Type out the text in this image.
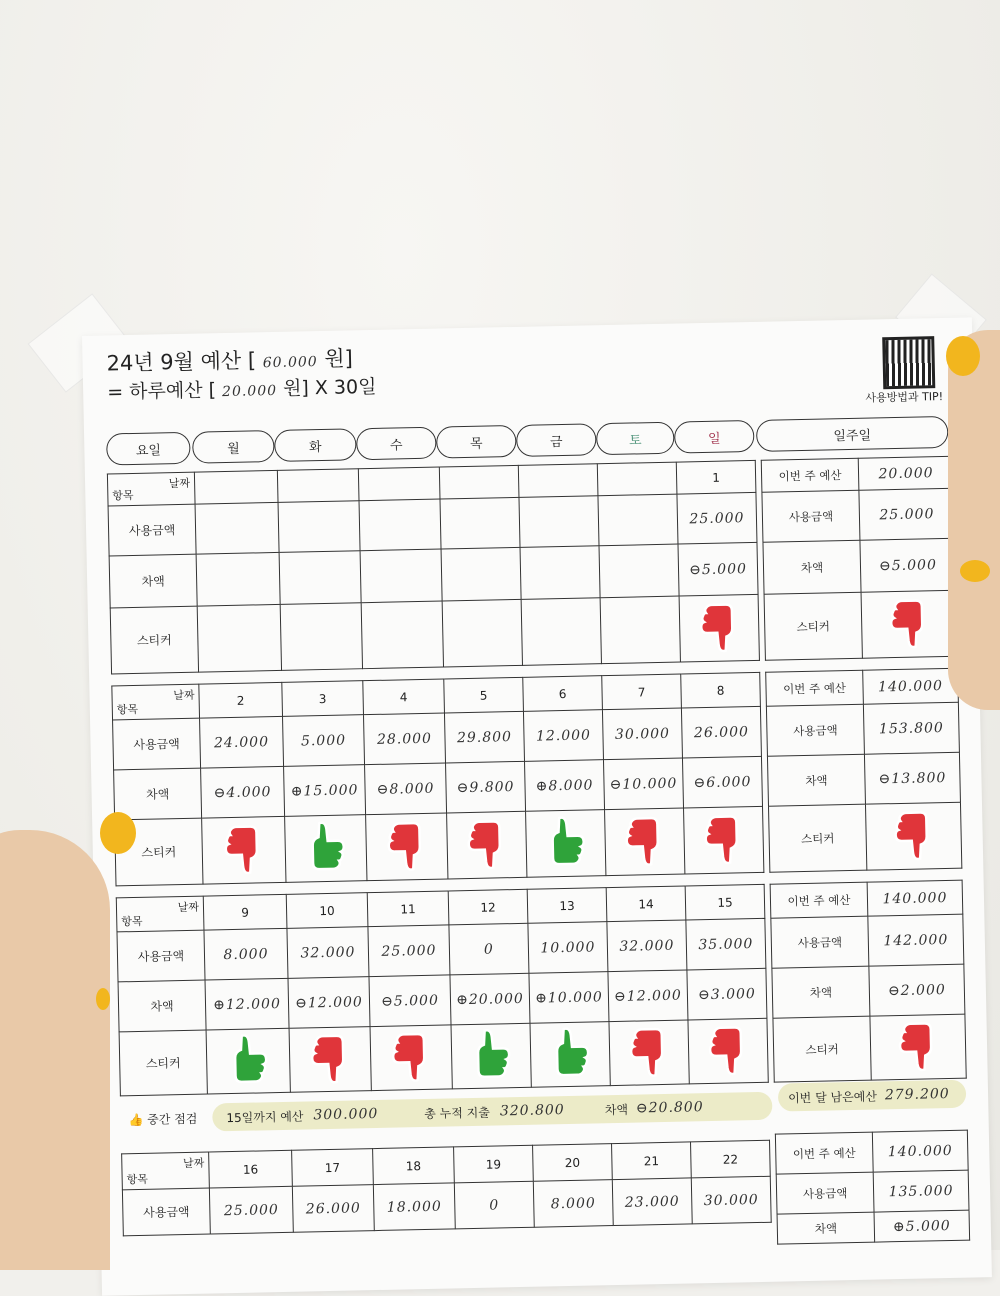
24년 9월 예산 [ 60.000 원]
= 하루예산 [ 20.000 원] X 30일	사용방법과 TIP!
요일	월	화	수	목	금	토	일	일주일
날짜
항목							1
사용금액							25.000
차액							⊖5.000
스티커							
이번 주 예산	20.000
사용금액	25.000
차액	⊖5.000
스티커	
날짜
항목	2	3	4	5	6	7	8
사용금액	24.000	5.000	28.000	29.800	12.000	30.000	26.000
차액	⊖4.000	⊕15.000	⊖8.000	⊖9.800	⊕8.000	⊖10.000	⊖6.000
스티커							
이번 주 예산	140.000
사용금액	153.800
차액	⊖13.800
스티커	
날짜
항목	9	10	11	12	13	14	15
사용금액	8.000	32.000	25.000	0	10.000	32.000	35.000
차액	⊕12.000	⊖12.000	⊖5.000	⊕20.000	⊕10.000	⊖12.000	⊖3.000
스티커							
이번 주 예산	140.000
사용금액	142.000
차액	⊖2.000
스티커	
15일까지 예산 300.000	총 누적 지출 320.800	차액 ⊖20.800
👍 중간 점검
이번 달 남은예산 279.200
날짜
항목	16	17	18	19	20	21	22
사용금액	25.000	26.000	18.000	0	8.000	23.000	30.000
이번 주 예산	140.000
사용금액	135.000
차액	⊕5.000
